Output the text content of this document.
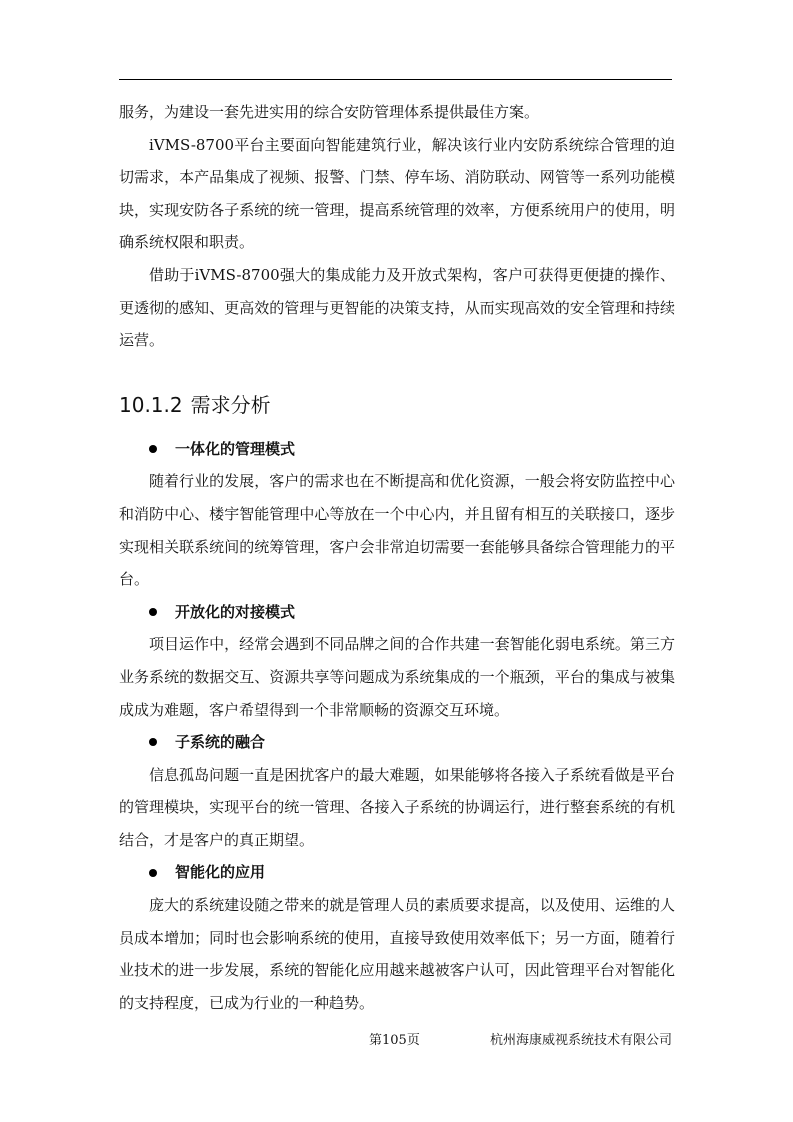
服务，为建设一套先进实用的综合安防管理体系提供最佳方案。

iVMS-8700平台主要面向智能建筑行业，解决该行业内安防系统综合管理的迫切需求，本产品集成了视频、报警、门禁、停车场、消防联动、网管等一系列功能模块，实现安防各子系统的统一管理，提高系统管理的效率，方便系统用户的使用，明确系统权限和职责。

借助于iVMS-8700强大的集成能力及开放式架构，客户可获得更便捷的操作、更透彻的感知、更高效的管理与更智能的决策支持，从而实现高效的安全管理和持续运营。

10.1.2 需求分析
一体化的管理模式

随着行业的发展，客户的需求也在不断提高和优化资源，一般会将安防监控中心和消防中心、楼宇智能管理中心等放在一个中心内，并且留有相互的关联接口，逐步实现相关联系统间的统筹管理，客户会非常迫切需要一套能够具备综合管理能力的平台。

开放化的对接模式

项目运作中，经常会遇到不同品牌之间的合作共建一套智能化弱电系统。第三方业务系统的数据交互、资源共享等问题成为系统集成的一个瓶颈，平台的集成与被集成成为难题，客户希望得到一个非常顺畅的资源交互环境。

子系统的融合

信息孤岛问题一直是困扰客户的最大难题，如果能够将各接入子系统看做是平台的管理模块，实现平台的统一管理、各接入子系统的协调运行，进行整套系统的有机结合，才是客户的真正期望。

智能化的应用

庞大的系统建设随之带来的就是管理人员的素质要求提高，以及使用、运维的人员成本增加；同时也会影响系统的使用，直接导致使用效率低下；另一方面，随着行业技术的进一步发展，系统的智能化应用越来越被客户认可，因此管理平台对智能化的支持程度，已成为行业的一种趋势。

第105页	杭州海康威视系统技术有限公司
